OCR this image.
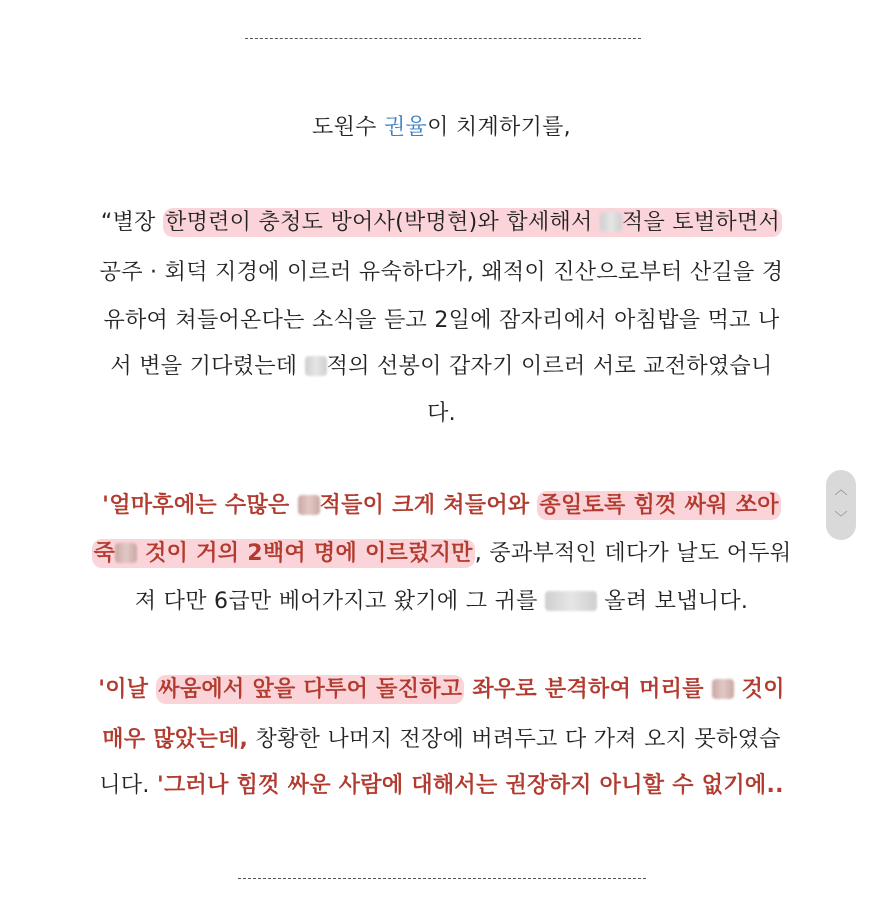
도원수 권율이 치계하기를,
“별장 한명련이 충청도 방어사(박명현)와 합세해서 적을 토벌하면서
공주 · 회덕 지경에 이르러 유숙하다가, 왜적이 진산으로부터 산길을 경
유하여 쳐들어온다는 소식을 듣고 2일에 잠자리에서 아침밥을 먹고 나
서 변을 기다렸는데 적의 선봉이 갑자기 이르러 서로 교전하였습니
다.
'얼마후에는 수많은 적들이 크게 쳐들어와 종일토록 힘껏 싸워 쏘아
죽 것이 거의 2백여 명에 이르렀지만, 중과부적인 데다가 날도 어두워
져 다만 6급만 베어가지고 왔기에 그 귀를  올려 보냅니다.
'이날 싸움에서 앞을 다투어 돌진하고 좌우로 분격하여 머리를  것이
매우 많았는데, 창황한 나머지 전장에 버려두고 다 가져 오지 못하였습
니다. '그러나 힘껏 싸운 사람에 대해서는 권장하지 아니할 수 없기에..
︿
﹀
